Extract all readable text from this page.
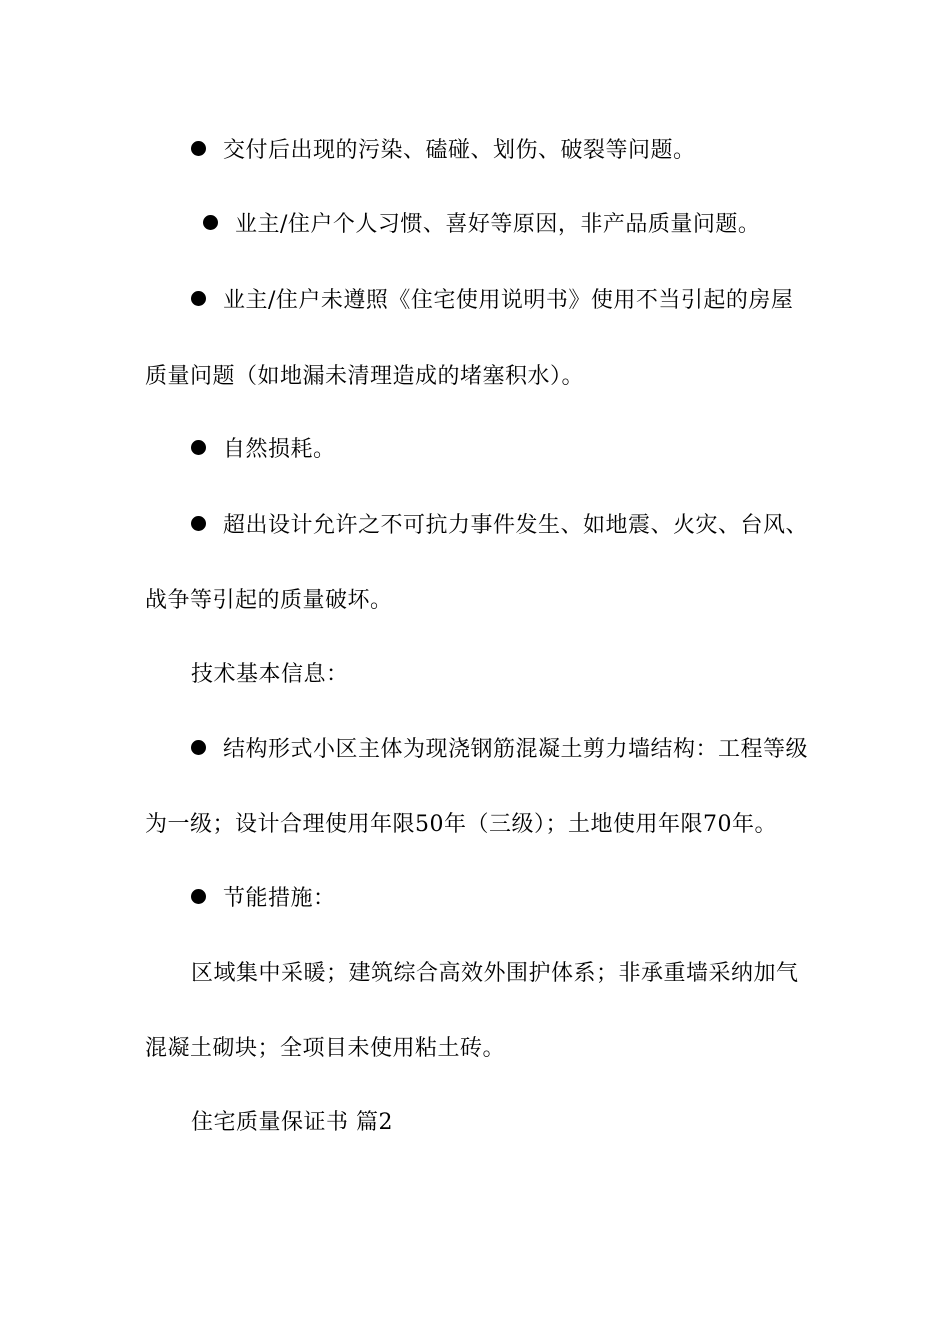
交付后出现的污染、磕碰、划伤、破裂等问题。
业主/住户个人习惯、喜好等原因，非产品质量问题。
业主/住户未遵照《住宅使用说明书》使用不当引起的房屋
质量问题（如地漏未清理造成的堵塞积水）。
自然损耗。
超出设计允许之不可抗力事件发生、如地震、火灾、台风、
战争等引起的质量破坏。
技术基本信息：
结构形式小区主体为现浇钢筋混凝土剪力墙结构：工程等级
为一级；设计合理使用年限50年（三级）；土地使用年限70年。
节能措施：
区域集中采暖；建筑综合高效外围护体系；非承重墙采纳加气
混凝土砌块；全项目未使用粘土砖。
住宅质量保证书 篇2
